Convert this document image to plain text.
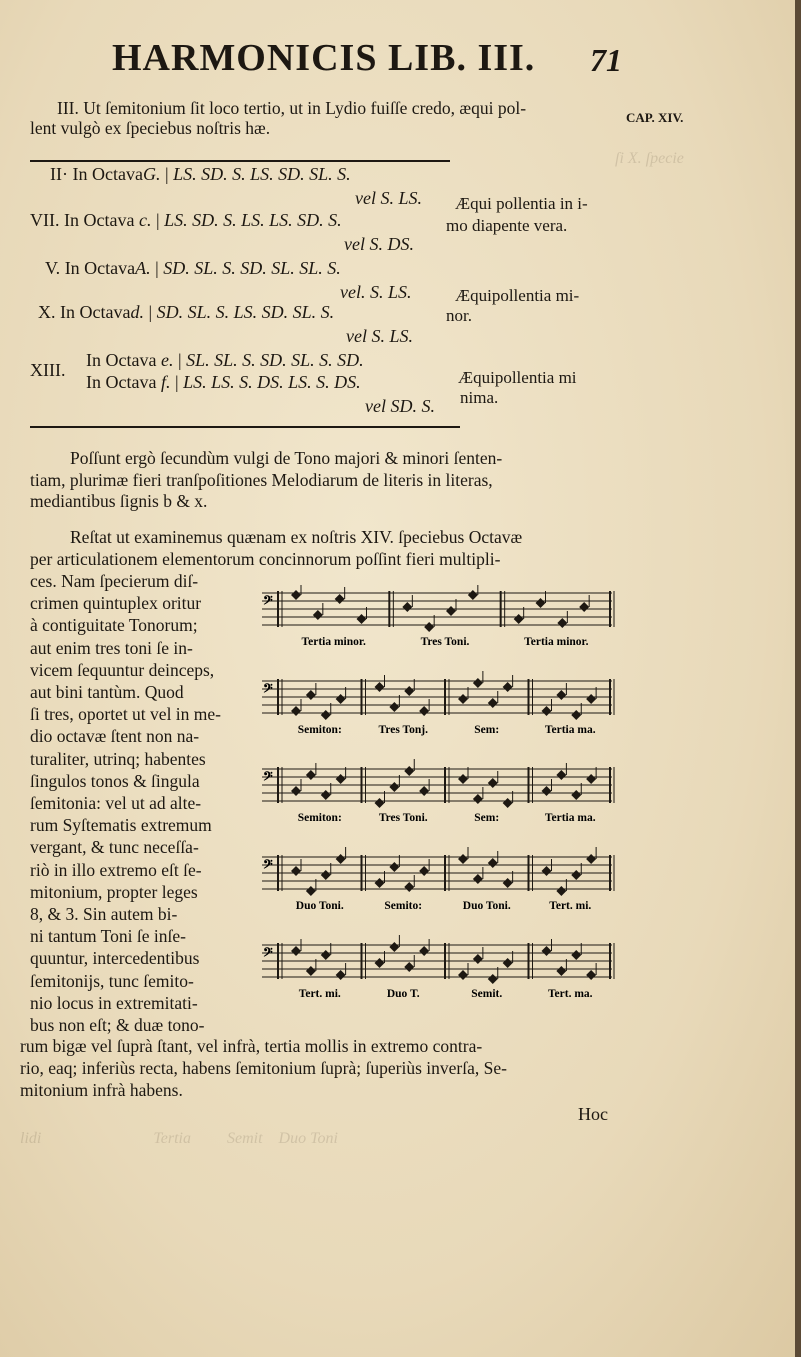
ſi X. ſpecie
lidi                            Tertia         Semit    Duo Toni
HARMONICIS LIB. III. 71
CAP. XIV.

III. Ut ſemitonium ſit loco tertio, ut in Lydio fuiſſe credo, æqui pol-

lent vulgò ex ſpeciebus noſtris hæ.

II· In OctavaG. | LS. SD. S. LS. SD. SL. S.
vel S. LS.
VII. In Octava c. | LS. SD. S. LS. LS. SD. S.
vel S. DS.
V. In OctavaA. | SD. SL. S. SD. SL. SL. S.
vel. S. LS.
X. In Octavad. | SD. SL. S. LS. SD. SL. S.
vel S. LS.
XIII. In Octava e. | SL. SL. S. SD. SL. S. SD.
In Octava f. | LS. LS. S. DS. LS. S. DS.
vel SD. S.
Æqui pollentia in i-
mo diapente vera.
Æquipollentia mi-
nor.
Æquipollentia mi
nima.

Poſſunt ergò ſecundùm vulgi de Tono majori & minori ſenten-

tiam, plurimæ fieri tranſpoſitiones Melodiarum de literis in literas,

mediantibus ſignis b & x.

Reſtat ut examinemus quænam ex noſtris XIV. ſpeciebus Octavæ

per articulationem elementorum concinnorum poſſint fieri multipli-

ces. Nam ſpecierum diſ-

crimen quintuplex oritur

à contiguitate Tonorum;

aut enim tres toni ſe in-

vicem ſequuntur deinceps,

aut bini tantùm. Quod

ſi tres, oportet ut vel in me-

dio octavæ ſtent non na-

turaliter, utrinq; habentes

ſingulos tonos & ſingula

ſemitonia: vel ut ad alte-

rum Syſtematis extremum

vergant, & tunc neceſſa-

riò in illo extremo eſt ſe-

mitonium, propter leges

8, & 3. Sin autem bi-

ni tantum Toni ſe inſe-

quuntur, intercedentibus

ſemitonijs, tunc ſemito-

nio locus in extremitati-

bus non eſt; & duæ tono-

rum bigæ vel ſuprà ſtant, vel infrà, tertia mollis in extremo contra-

rio, eaq; inferiùs recta, habens ſemitonium ſuprà; ſuperiùs inverſa, Se-

mitonium infrà habens.

Hoc
𝄢
Tertia minor.	Tres Toni.	Tertia minor.
𝄢
Semiton:	Tres Tonj.	Sem:	Tertia ma.
𝄢
Semiton:	Tres Toni.	Sem:	Tertia ma.
𝄢
Duo Toni.	Semito:	Duo Toni.	Tert. mi.
𝄢
Tert. mi.	Duo T.	Semit.	Tert. ma.
